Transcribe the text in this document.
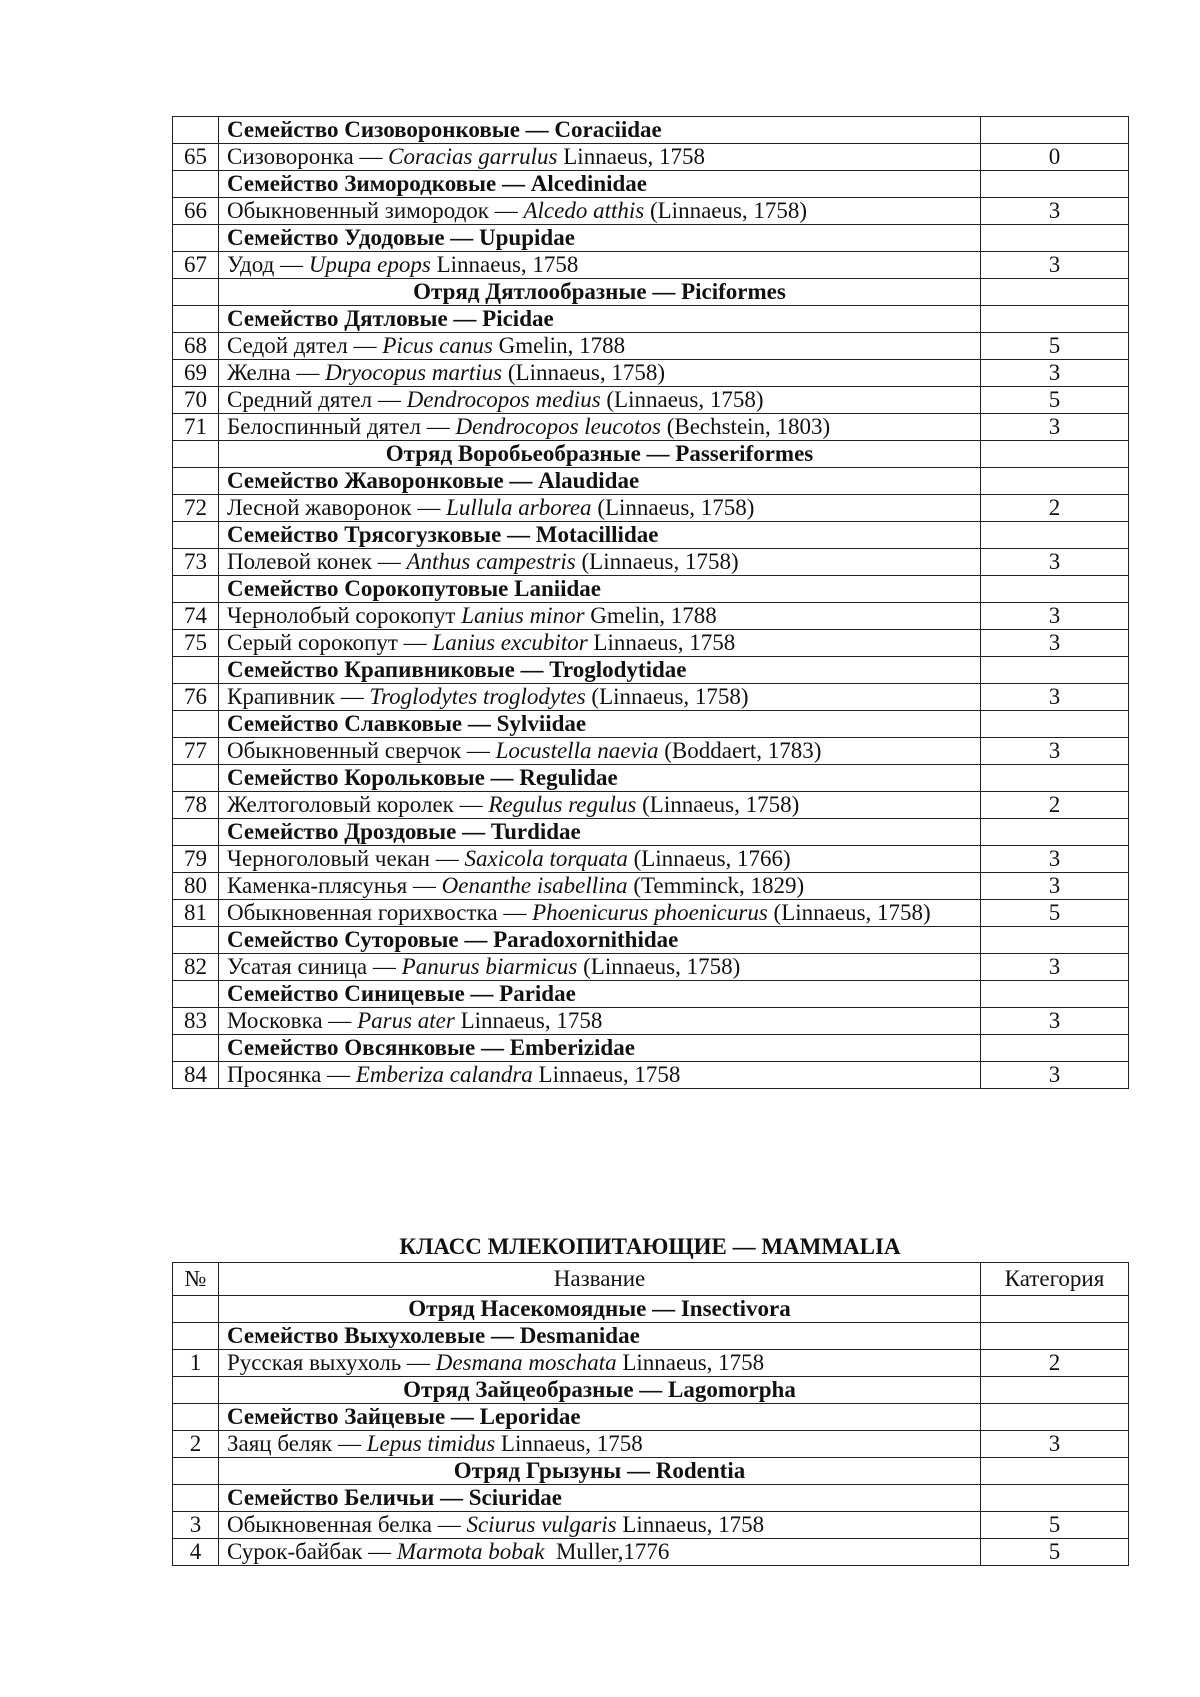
	Семейство Сизоворонковые — Coraciidae	
65	Сизоворонка — Coracias garrulus Linnaeus, 1758	0
	Семейство Зимородковые — Alcedinidae	
66	Обыкновенный зимородок — Alcedo atthis (Linnaeus, 1758)	3
	Семейство Удодовые — Upupidae	
67	Удод — Upupa epops Linnaeus, 1758	3
	Отряд Дятлообразные — Piciformes	
	Семейство Дятловые — Picidae	
68	Седой дятел — Picus canus Gmelin, 1788	5
69	Желна — Dryocopus martius (Linnaeus, 1758)	3
70	Средний дятел — Dendrocopos medius (Linnaeus, 1758)	5
71	Белоспинный дятел — Dendrocopos leucotos (Bechstein, 1803)	3
	Отряд Воробьеобразные — Passeriformes	
	Семейство Жаворонковые — Alaudidae	
72	Лесной жаворонок — Lullula arborea (Linnaeus, 1758)	2
	Семейство Трясогузковые — Motacillidae	
73	Полевой конек — Anthus campestris (Linnaeus, 1758)	3
	Семейство Сорокопутовые Laniidae	
74	Чернолобый сорокопут Lanius minor Gmelin, 1788	3
75	Серый сорокопут — Lanius excubitor Linnaeus, 1758	3
	Семейство Крапивниковые — Troglodytidae	
76	Крапивник — Troglodytes troglodytes (Linnaeus, 1758)	3
	Семейство Славковые — Sylviidae	
77	Обыкновенный сверчок — Locustella naevia (Boddaert, 1783)	3
	Семейство Корольковые — Regulidae	
78	Желтоголовый королек — Regulus regulus (Linnaeus, 1758)	2
	Семейство Дроздовые — Turdidae	
79	Черноголовый чекан — Saxicola torquata (Linnaeus, 1766)	3
80	Каменка-плясунья — Oenanthe isabellina (Temminck, 1829)	3
81	Обыкновенная горихвостка — Phoenicurus phoenicurus (Linnaeus, 1758)	5
	Семейство Суторовые — Paradoxornithidae	
82	Усатая синица — Panurus biarmicus (Linnaeus, 1758)	3
	Семейство Синицевые — Paridae	
83	Московка — Parus ater Linnaeus, 1758	3
	Семейство Овсянковые — Emberizidae	
84	Просянка — Emberiza calandra Linnaeus, 1758	3
КЛАСС МЛЕКОПИТАЮЩИЕ — MAMMALIA
№	Название	Категория
	Отряд Насекомоядные — Insectivora	
	Семейство Выхухолевые — Desmanidae	
1	Русская выхухоль — Desmana moschata Linnaeus, 1758	2
	Отряд Зайцеобразные — Lagomorpha	
	Семейство Зайцевые — Leporidae	
2	Заяц беляк — Lepus timidus Linnaeus, 1758	3
	Отряд Грызуны — Rodentia	
	Семейство Беличьи — Sciuridae	
3	Обыкновенная белка — Sciurus vulgaris Linnaeus, 1758	5
4	Сурок-байбак — Marmota bobak  Muller,1776	5
